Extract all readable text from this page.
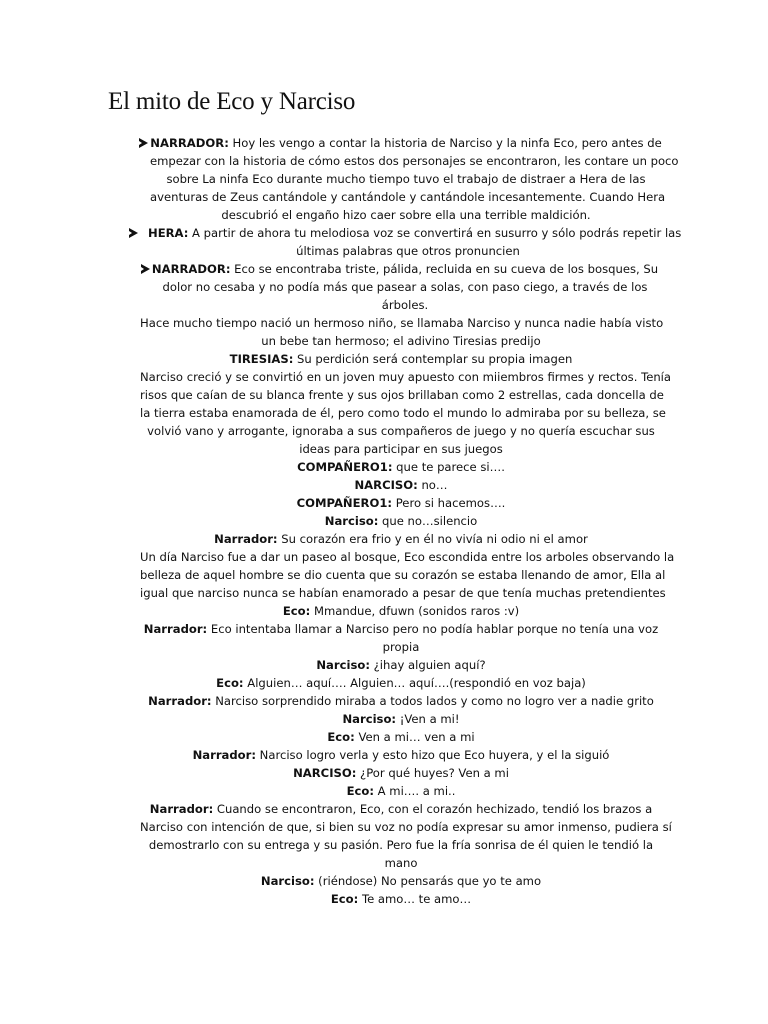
El mito de Eco y Narciso
NARRADOR: Hoy les vengo a contar la historia de Narciso y la ninfa Eco, pero antes de
empezar con la historia de cómo estos dos personajes se encontraron, les contare un poco
sobre La ninfa Eco durante mucho tiempo tuvo el trabajo de distraer a Hera de las
aventuras de Zeus cantándole y cantándole y cantándole incesantemente. Cuando Hera
descubrió el engaño hizo caer sobre ella una terrible maldición.
HERA: A partir de ahora tu melodiosa voz se convertirá en susurro y sólo podrás repetir las
últimas palabras que otros pronuncien
NARRADOR: Eco se encontraba triste, pálida, recluida en su cueva de los bosques, Su
dolor no cesaba y no podía más que pasear a solas, con paso ciego, a través de los
árboles.
Hace mucho tiempo nació un hermoso niño, se llamaba Narciso y nunca nadie había visto
un bebe tan hermoso; el adivino Tiresias predijo
TIRESIAS: Su perdición será contemplar su propia imagen
Narciso creció y se convirtió en un joven muy apuesto con miiembros firmes y rectos. Tenía
risos que caían de su blanca frente y sus ojos brillaban como 2 estrellas, cada doncella de
la tierra estaba enamorada de él, pero como todo el mundo lo admiraba por su belleza, se
volvió vano y arrogante, ignoraba a sus compañeros de juego y no quería escuchar sus
ideas para participar en sus juegos
COMPAÑERO1: que te parece si….
NARCISO: no…
COMPAÑERO1: Pero si hacemos….
Narciso: que no…silencio
Narrador: Su corazón era frio y en él no vivía ni odio ni el amor
Un día Narciso fue a dar un paseo al bosque, Eco escondida entre los arboles observando la
belleza de aquel hombre se dio cuenta que su corazón se estaba llenando de amor, Ella al
igual que narciso nunca se habían enamorado a pesar de que tenía muchas pretendientes
Eco: Mmandue, dfuwn (sonidos raros :v)
Narrador: Eco intentaba llamar a Narciso pero no podía hablar porque no tenía una voz
propia
Narciso: ¿ihay alguien aquí?
Eco: Alguien… aquí…. Alguien… aquí….(respondió en voz baja)
Narrador: Narciso sorprendido miraba a todos lados y como no logro ver a nadie grito
Narciso: ¡Ven a mi!
Eco: Ven a mi… ven a mi
Narrador: Narciso logro verla y esto hizo que Eco huyera, y el la siguió
NARCISO: ¿Por qué huyes? Ven a mi
Eco: A mi…. a mi..
Narrador: Cuando se encontraron, Eco, con el corazón hechizado, tendió los brazos a
Narciso con intención de que, si bien su voz no podía expresar su amor inmenso, pudiera sí
demostrarlo con su entrega y su pasión. Pero fue la fría sonrisa de él quien le tendió la
mano
Narciso: (riéndose) No pensarás que yo te amo
Eco: Te amo… te amo…
